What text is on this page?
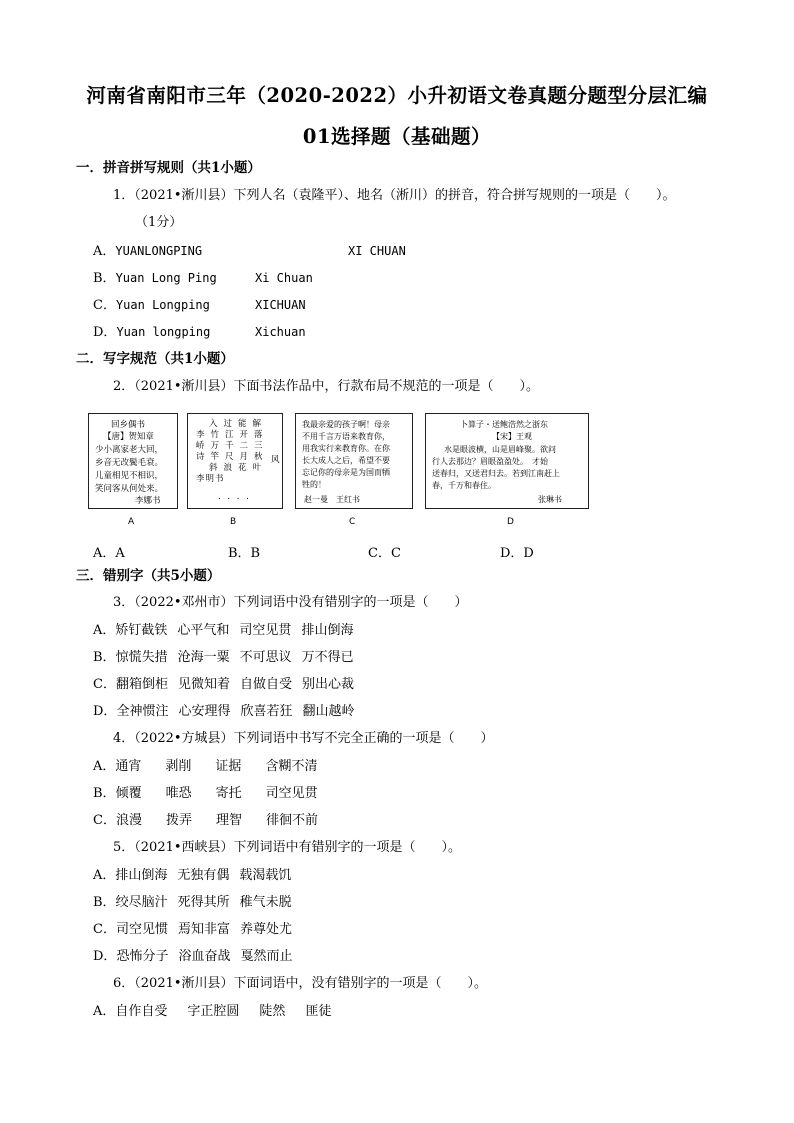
河南省南阳市三年（2020-2022）小升初语文卷真题分题型分层汇编
01选择题（基础题）
一．拼音拼写规则（共1小题）
1．（2021•淅川县）下列人名（袁隆平）、地名（淅川）的拼音，符合拼写规则的一项是（　　）。
（1分）
A．YUANLONGPING	XI CHUAN
B．Yuan Long Ping	Xi Chuan
C．Yuan Longping	XICHUAN
D．Yuan longping	Xichuan
二．写字规范（共1小题）
2．（2021•淅川县）下面书法作品中，行款布局不规范的一项是（　　）。
回乡偶书
【唐】贺知章
少小离家老大回，
乡音无改鬓毛衰。
儿童相见不相识，
笑问客从何处来。
李娜书
A
入过能解
李竹江开落
峤万千二三
诗竿尺月秋
斜浪花叶
李明书
风
. . . .
B
我最亲爱的孩子啊！母亲
不用千言万语来教育你，
用我实行来教育你。在你
长大成人之后，希望不要
忘记你的母亲是为国而牺
牲的！
赵一曼　王红书
C
卜算子・送鲍浩然之浙东
【宋】王观
水是眼波横，山是眉峰聚。欲问
行人去那边？眉眼盈盈处。　才始
送春归，又送君归去。若到江南赶上
春，千万和春住。
张琳书
D
A．A	B．B	C．C	D．D
三．错别字（共5小题）
3．（2022•邓州市）下列词语中没有错别字的一项是（　　）
A．矫钉截铁 心平气和 司空见贯 排山倒海
B．惊慌失措 沧海一粟 不可思议 万不得已
C．翻箱倒柜 见微知着 自做自受 别出心裁
D．全神惯注 心安理得 欣喜若狂 翻山越岭
4．（2022•方城县）下列词语中书写不完全正确的一项是（　　）
A．通宵 剥削 证据 含糊不清
B．倾覆 唯恐 寄托 司空见贯
C．浪漫 拨弄 理智 徘徊不前
5．（2021•西峡县）下列词语中有错别字的一项是（　　）。
A．排山倒海 无独有偶 载渴载饥
B．绞尽脑汁 死得其所 稚气未脱
C．司空见惯 焉知非富 养尊处尤
D．恐怖分子 浴血奋战 戛然而止
6．（2021•淅川县）下面词语中，没有错别字的一项是（　　）。
A．自作自受 字正腔圆 陡然 匪徒
